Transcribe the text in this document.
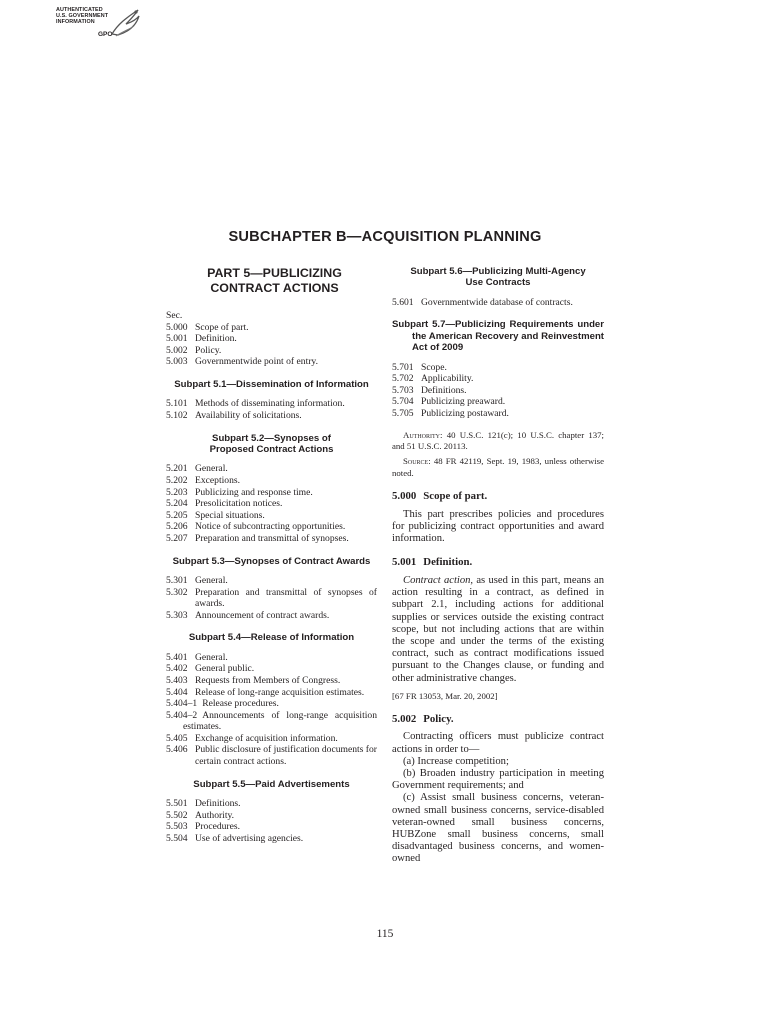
AUTHENTICATED
U.S. GOVERNMENT
INFORMATION
GPO
SUBCHAPTER B—ACQUISITION PLANNING
PART 5—PUBLICIZING CONTRACT ACTIONS
Sec.
5.000 Scope of part.
5.001 Definition.
5.002 Policy.
5.003 Governmentwide point of entry.
Subpart 5.1—Dissemination of Information
5.101 Methods of disseminating information.
5.102 Availability of solicitations.
Subpart 5.2—Synopses of Proposed Contract Actions
5.201 General.
5.202 Exceptions.
5.203 Publicizing and response time.
5.204 Presolicitation notices.
5.205 Special situations.
5.206 Notice of subcontracting opportunities.
5.207 Preparation and transmittal of synopses.
Subpart 5.3—Synopses of Contract Awards
5.301 General.
5.302 Preparation and transmittal of synopses of awards.
5.303 Announcement of contract awards.
Subpart 5.4—Release of Information
5.401 General.
5.402 General public.
5.403 Requests from Members of Congress.
5.404 Release of long-range acquisition estimates.
5.404–1 Release procedures.
5.404–2 Announcements of long-range acquisition estimates.
5.405 Exchange of acquisition information.
5.406 Public disclosure of justification documents for certain contract actions.
Subpart 5.5—Paid Advertisements
5.501 Definitions.
5.502 Authority.
5.503 Procedures.
5.504 Use of advertising agencies.
Subpart 5.6—Publicizing Multi-Agency Use Contracts
5.601 Governmentwide database of contracts.
Subpart 5.7—Publicizing Requirements under the American Recovery and Reinvestment Act of 2009
5.701 Scope.
5.702 Applicability.
5.703 Definitions.
5.704 Publicizing preaward.
5.705 Publicizing postaward.
Authority: 40 U.S.C. 121(c); 10 U.S.C. chapter 137; and 51 U.S.C. 20113.
Source: 48 FR 42119, Sept. 19, 1983, unless otherwise noted.
5.000 Scope of part.

This part prescribes policies and procedures for publicizing contract opportunities and award information.

5.001 Definition.

Contract action, as used in this part, means an action resulting in a contract, as defined in subpart 2.1, including actions for additional supplies or services outside the existing contract scope, but not including actions that are within the scope and under the terms of the existing contract, such as contract modifications issued pursuant to the Changes clause, or funding and other administrative changes.

[67 FR 13053, Mar. 20, 2002]
5.002 Policy.

Contracting officers must publicize contract actions in order to—

(a) Increase competition;

(b) Broaden industry participation in meeting Government requirements; and

(c) Assist small business concerns, veteran-owned small business concerns, service-disabled veteran-owned small business concerns, HUBZone small business concerns, small disadvantaged business concerns, and women-owned

115
